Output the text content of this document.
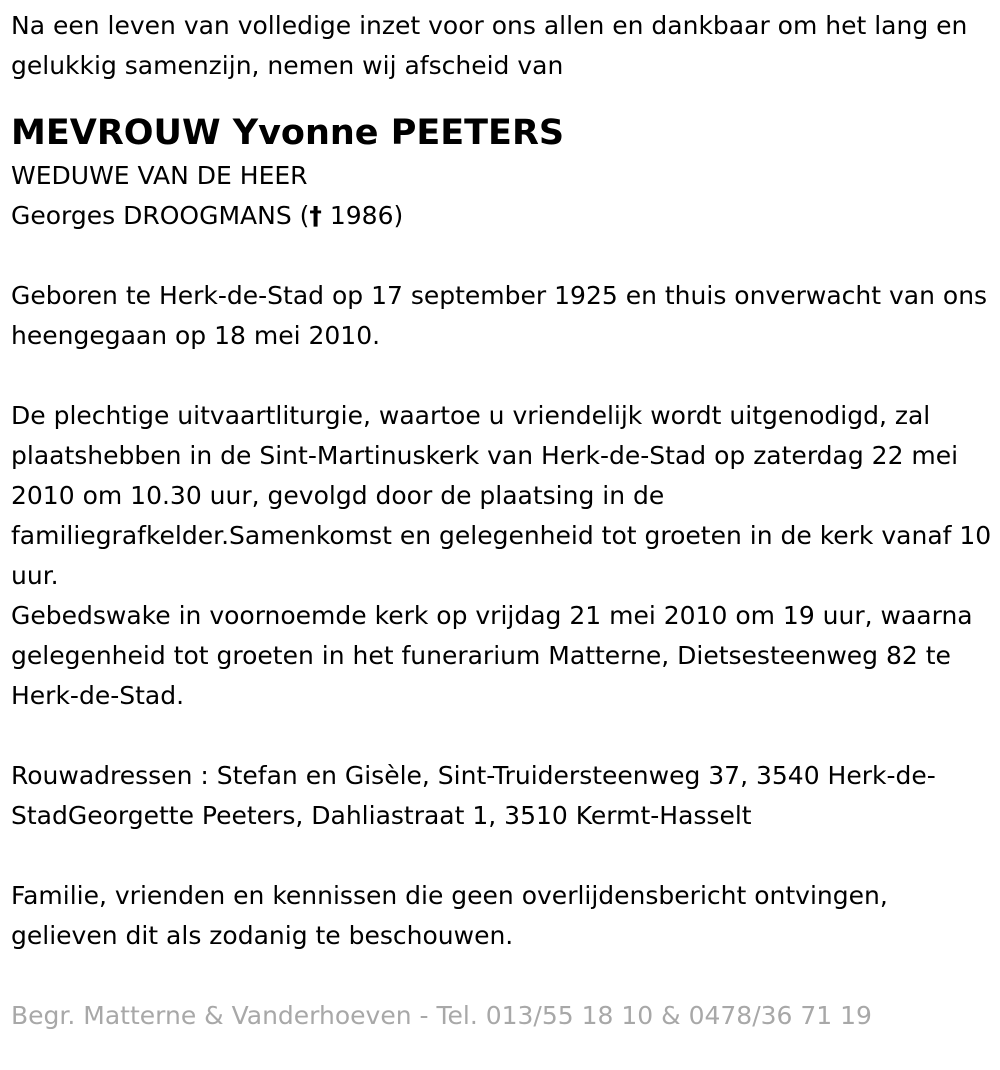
Na een leven van volledige inzet voor ons allen en dankbaar om het lang en gelukkig samenzijn, nemen wij afscheid van

MEVROUW Yvonne PEETERS

WEDUWE VAN DE HEER

Georges DROOGMANS († 1986)

Geboren te Herk-de-Stad op 17 september 1925 en thuis onverwacht van ons heengegaan op 18 mei 2010.

De plechtige uitvaartliturgie, waartoe u vriendelijk wordt uitgenodigd, zal plaatshebben in de Sint-Martinuskerk van Herk-de-Stad op zaterdag 22 mei 2010 om 10.30 uur, gevolgd door de plaatsing in de familiegrafkelder.Samenkomst en gelegenheid tot groeten in de kerk vanaf 10 uur.

Gebedswake in voornoemde kerk op vrijdag 21 mei 2010 om 19 uur, waarna gelegenheid tot groeten in het funerarium Matterne, Dietsesteenweg 82 te Herk-de-Stad.

Rouwadressen : Stefan en Gisèle, Sint-Truidersteenweg 37, 3540 Herk-de-StadGeorgette Peeters, Dahliastraat 1, 3510 Kermt-Hasselt

Familie, vrienden en kennissen die geen overlijdensbericht ontvingen, gelieven dit als zodanig te beschouwen.

Begr. Matterne & Vanderhoeven - Tel. 013/55 18 10 & 0478/36 71 19
